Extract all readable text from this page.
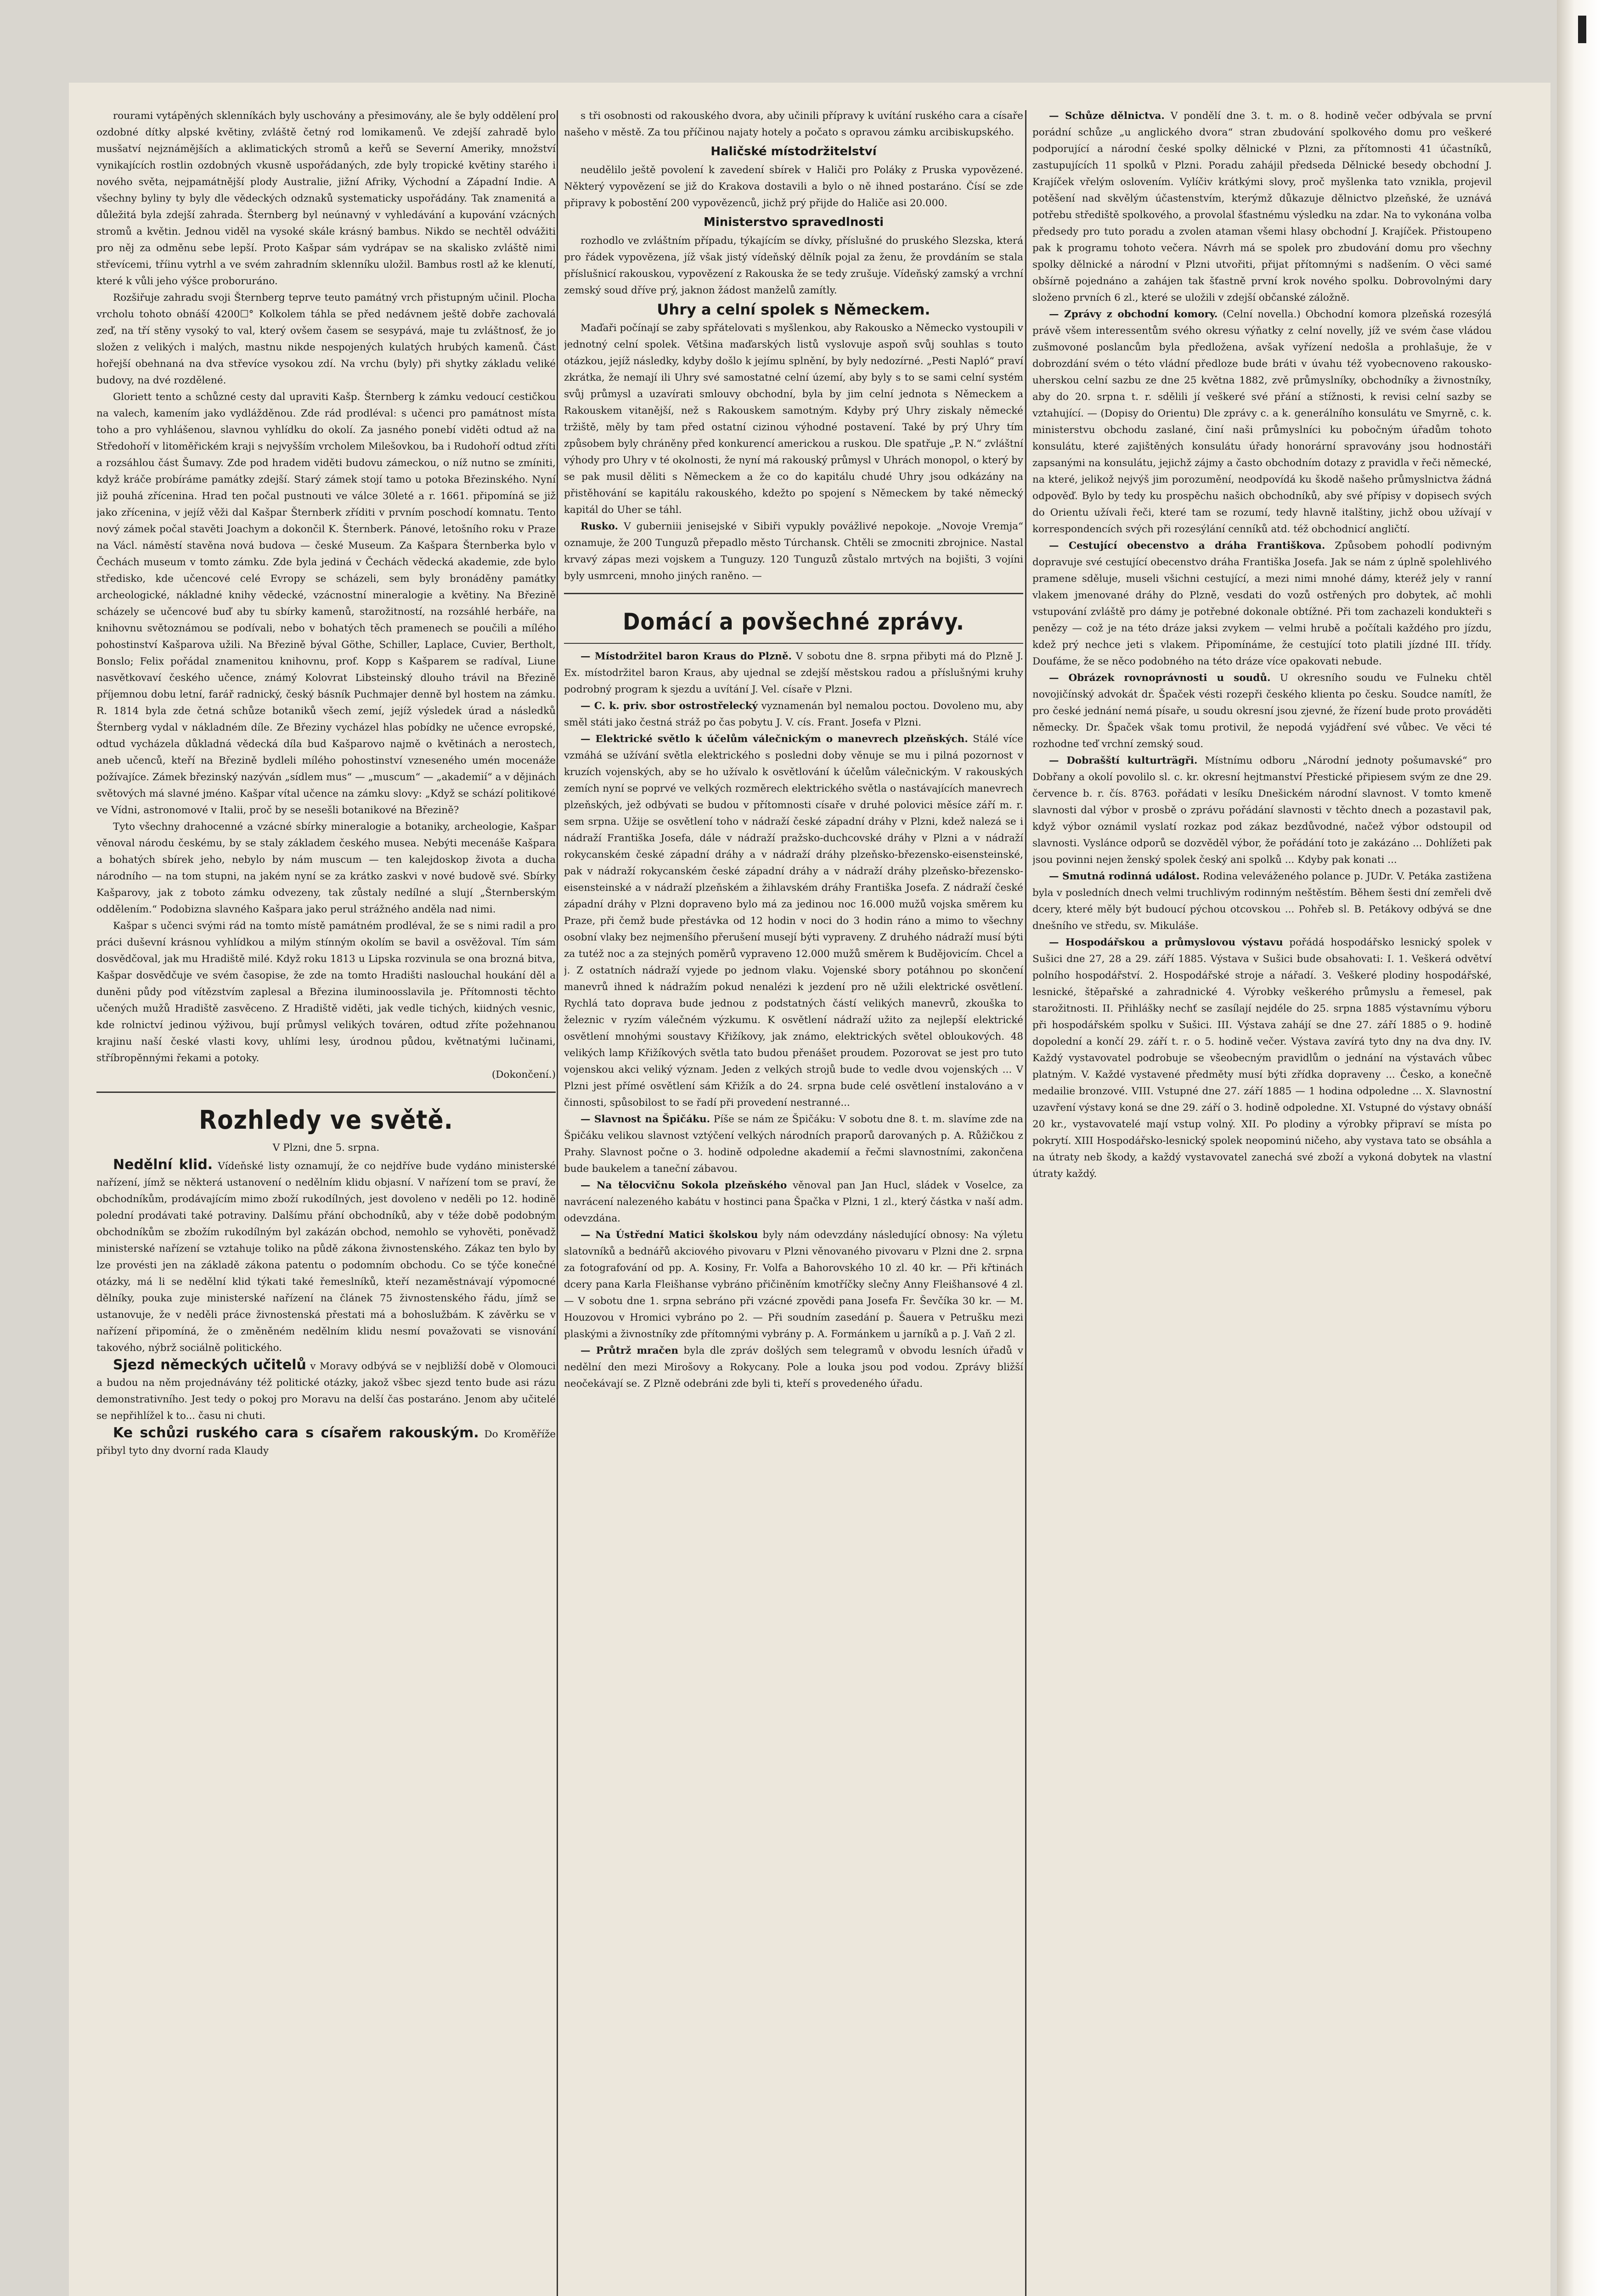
rourami vytápěných sklenníkách byly uschovány a přesimovány, ale še byly oddělení pro ozdobné dítky alpské květiny, zvláště četný rod lomikamenů. Ve zdejší zahradě bylo musšatví nejznámějších a aklimatických stromů a keřů se Severní Ameriky, množství vynikajících rostlin ozdobných vkusně uspořádaných, zde byly tropické květiny starého i nového světa, nejpamátnější plody Australie, jižní Afriky, Východní a Západní Indie. A všechny byliny ty byly dle vědeckých odznaků systematicky uspořádány. Tak znamenitá a důležitá byla zdejší zahrada. Šternberg byl neúnavný v vyhledávání a kupování vzácných stromů a květin. Jednou viděl na vysoké skále krásný bambus. Nikdo se nechtěl odvážiti pro něj za odměnu sebe lepší. Proto Kašpar sám vydrápav se na skalisko zvláště nimi střevícemi, tříinu vytrhl a ve svém zahradním sklenníku uložil. Bambus rostl až ke klenutí, které k vůli jeho výšce proboruráno.

Rozšiřuje zahradu svoji Šternberg teprve teuto památný vrch přistupným učinil. Plocha vrcholu tohoto obnáší 4200☐° Kolkolem táhla se před nedávnem ještě dobře zachovalá zeď, na tří stěny vysoký to val, který ovšem časem se sesypává, maje tu zvláštnosť, že jo složen z velikých i malých, mastnu nikde nespojených kulatých hrubých kamenů. Část hořejší obehnaná na dva střevíce vysokou zdí. Na vrchu (byly) při shytky základu veliké budovy, na dvé rozdělené.

Gloriett tento a schůzné cesty dal upraviti Kašp. Šternberg k zámku vedoucí cestičkou na valech, kamením jako vydlážděnou. Zde rád prodlévalː s učenci pro památnost místa toho a pro vyhlášenou, slavnou vyhlídku do okolí. Za jasného ponebí viděti odtud až na Středohoří v litoměřickém kraji s nejvyšším vrcholem Milešovkou, ba i Rudohoří odtud zříti a rozsáhlou část Šumavy. Zde pod hradem viděti budovu zámeckou, o níž nutno se zmíniti, když kráče probíráme památky zdejší. Starý zámek stojí tamo u potoka Březinského. Nyní již pouhá zřícenina. Hrad ten počal pustnouti ve válce 30leté a r. 1661. připomíná se již jako zřícenina, v jejíž věži dal Kašpar Šternberk zříditi v prvním poschodí komnatu. Tento nový zámek počal stavěti Joachym a dokončil K. Šternberk. Pánové, letošního roku v Praze na Václ. náměstí stavěna nová budova — české Museum. Za Kašpara Šternberka bylo v Čechách museum v tomto zámku. Zde byla jediná v Čechách vědecká akademie, zde bylo středisko, kde učencové celé Evropy se scházeli, sem byly bronáděny památky archeologické, nákladné knihy vědecké, vzácnostní mineralogie a květiny. Na Březině scházely se učencové buď aby tu sbírky kamenů, starožitností, na rozsáhlé herbáře, na knihovnu světoznámou se podívali, nebo v bohatých těch pramenech se poučili a mílého pohostinství Kašparova užili. Na Březině býval Göthe, Schiller, Laplace, Cuvier, Bertholt, Bonslo; Felix pořádal znamenitou knihovnu, prof. Kopp s Kašparem se radíval, Liune nasvětkovaví českého učence, známý Kolovrat Libsteinský dlouho trávil na Březině příjemnou dobu letní, farář radnický, český básník Puchmajer denně byl hostem na zámku. R. 1814 byla zde četná schůze botaniků všech zemí, jejíž výsledek úrad a následků Šternberg vydal v nákladném díle. Ze Březiny vycházel hlas pobídky ne učence evropské, odtud vycházela důkladná vědecká díla bud Kašparovo najmě o květinách a nerostech, aneb učenců, kteří na Březině bydleli mílého pohostinství vzneseného umén mocenáže požívajíce. Zámek březinský nazýván „sídlem mus“ — „muscum“ — „akademií“ a v dějinách světových má slavné jméno. Kašpar vítal učence na zámku slovy: „Když se schází politikové ve Vídni, astronomové v Italii, proč by se nesešli botanikové na Březině?

Tyto všechny drahocenné a vzácné sbírky mineralogie a botaniky, archeologie, Kašpar věnoval národu českému, by se staly základem českého musea. Nebýti mecenáše Kašpara a bohatých sbírek jeho, nebylo by nám muscum — ten kalejdoskop života a ducha národního — na tom stupni, na jakém nyní se za krátko zaskvi v nové budově své. Sbírky Kašparovy, jak z toboto zámku odvezeny, tak zůstaly nedílné a slují „Šternberským oddělením.“ Podobizna slavného Kašpara jako perul strážného anděla nad nimi.

Kašpar s učenci svými rád na tomto místě památném prodléval, že se s nimi radil a pro práci duševní krásnou vyhlídkou a milým stínným okolím se bavil a osvěžoval. Tím sám dosvědčoval, jak mu Hradiště milé. Když roku 1813 u Lipska rozvinula se ona brozná bitva, Kašpar dosvědčuje ve svém časopise, že zde na tomto Hradišti naslouchal houkání děl a duněni půdy pod vítězstvím zaplesal a Březina iluminoosslavila je. Přítomnosti těchto učených mužů Hradiště zasvěceno. Z Hradiště viděti, jak vedle tichých, kiidných vesnic, kde rolnictví jedinou výživou, bují průmysl velikých továren, odtud zříte požehnanou krajinu naší české vlasti kovy, uhlími lesy, úrodnou půdou, květnatými lučinami, stříbropěnnými řekami a potoky.

(Dokončení.)

Rozhledy ve světě.

V Plzni, dne 5. srpna.

Nedělní klid. Vídeňské listy oznamují, že co nejdříve bude vydáno ministerské nařízení, jímž se některá ustanovení o nedělním klidu objasní. V nařízení tom se praví, že obchodníkům, prodávajícím mimo zboží rukodílných, jest dovoleno v neděli po 12. hodině polední prodávati také potraviny. Dalšímu přání obchodníků, aby v téže době podobným obchodníkům se zbožím rukodílným byl zakázán obchod, nemohlo se vyhověti, poněvadž ministerské nařízení se vztahuje toliko na půdě zákona živnostenského. Zákaz ten bylo by lze provésti jen na základě zákona patentu o podomním obchodu. Co se týče konečné otázky, má li se nedělní klid týkati také řemeslníků, kteří nezaměstnávají výpomocné dělníky, pouka zuje ministerské nařízení na článek 75 živnostenského řádu, jímž se ustanovuje, že v neděli práce živnostenská přestati má a bohoslužbám. K závěrku se v nařízení připomíná, že o změněném nedělním klidu nesmí považovati se visnování takového, nýbrž sociálně politického.

Sjezd německých učitelů v Moravy odbývá se v nejbližší době v Olomouci a budou na něm projednávány též politické otázky, jakož všbec sjezd tento bude asi rázu demonstrativního. Jest tedy o pokoj pro Moravu na delší čas postaráno. Jenom aby učitelé se nepřihlížel k to... času ni chuti.

Ke schůzi ruského cara s císařem rakouským. Do Kroměříže přibyl tyto dny dvorní rada Klaudy

s tři osobnosti od rakouského dvora, aby učinili přípravy k uvítání ruského cara a císaře našeho v městě. Za tou příčinou najaty hotely a počato s opravou zámku arcibiskupského.

Haličské místodržitelství

neudělilo ještě povolení k zavedení sbírek v Haliči pro Poláky z Pruska vypovězené. Některý vypovězení se již do Krakova dostavili a bylo o ně ihned postaráno. Čísí se zde připravy k pobostění 200 vypovězenců, jichž prý přijde do Haliče asi 20.000.

Ministerstvo spravedlnosti

rozhodlo ve zvláštním případu, týkajícím se dívky, příslušné do pruského Slezska, která pro řádek vypovězena, jíž však jistý vídeňský dělník pojal za ženu, že provdáním se stala příslušnicí rakouskou, vypovězení z Rakouska že se tedy zrušuje. Vídeňský zamský a vrchní zemský soud dříve prý, jaknon žádost manželů zamítly.

Uhry a celní spolek s Německem.

Maďaři počínají se zaby spřátelovati s myšlenkou, aby Rakousko a Německo vystoupili v jednotný celní spolek. Většina maďarských listů vyslovuje aspoň svůj souhlas s touto otázkou, jejíž následky, kdyby došlo k jejímu splnění, by byly nedozírné. „Pesti Napló“ praví zkrátka, že nemají ili Uhry své samostatné celní území, aby byly s to se sami celní systém svůj průmysl a uzavírati smlouvy obchodní, byla by jim celní jednota s Německem a Rakouskem vitanější, než s Rakouskem samotným. Kdyby prý Uhry ziskaly německé tržiště, měly by tam před ostatní cizinou výhodné postavení. Také by prý Uhry tím způsobem byly chráněny před konkurencí americkou a ruskou. Dle spatřuje „P. N.“ zvláštní výhody pro Uhry v té okolnosti, že nyní má rakouský průmysl v Uhrách monopol, o který by se pak musil děliti s Německem a že co do kapitálu chudé Uhry jsou odkázány na přistěhování se kapitálu rakouského, kdežto po spojení s Německem by také německý kapitál do Uher se táhl.

Rusko. V guberniii jenisejské v Sibiři vypukly povážlivé nepokoje. „Novoje Vremja“ oznamuje, že 200 Tunguzů přepadlo město Túrchansk. Chtěli se zmocniti zbrojnice. Nastal krvavý zápas mezi vojskem a Tunguzy. 120 Tunguzů zůstalo mrtvých na bojišti, 3 vojíni byly usmrceni, mnoho jiných raněno. —

Domácí a povšechné zprávy.

— Místodržitel baron Kraus do Plzně. V sobotu dne 8. srpna přibyti má do Plzně J. Ex. místodržitel baron Kraus, aby ujednal se zdejší městskou radou a příslušnými kruhy podrobný program k sjezdu a uvítání J. Vel. císaře v Plzni.

— C. k. priv. sbor ostrostřelecký vyznamenán byl nemalou poctou. Dovoleno mu, aby směl státi jako čestná stráž po čas pobytu J. V. cís. Frant. Josefa v Plzni.

— Elektrické světlo k účelům válečnickým o manevrech plzeňských. Stálé více vzmáhá se užívání světla elektrického s posledni doby věnuje se mu i pilná pozornost v kruzích vojenských, aby se ho užívalo k osvětlování k účelům válečnickým. V rakouských zemích nyní se poprvé ve velkých rozměrech elektrického světla o nastávajících manevrech plzeňských, jež odbývati se budou v přítomnosti císaře v druhé polovici měsíce září m. r. sem srpna. Užije se osvětlení toho v nádraží české západní dráhy v Plzni, kdež nalezá se i nádraží Františka Josefa, dále v nádraží pražsko-duchcovské dráhy v Plzni a v nádraží rokycanském české západní dráhy a v nádraží dráhy plzeňsko-březensko-eisensteinské, pak v nádraží rokycanském české západní dráhy a v nádraží dráhy plzeňsko-březensko-eisensteinské a v nádraží plzeňském a žihlavském dráhy Františka Josefa. Z nádraží české západní dráhy v Plzni dopraveno bylo má za jedinou noc 16.000 mužů vojska směrem ku Praze, při čemž bude přestávka od 12 hodin v noci do 3 hodin ráno a mimo to všechny osobní vlaky bez nejmenšího přerušení musejí býti vypraveny. Z druhého nádraží musí býti za tutéž noc a za stejných poměrů vypraveno 12.000 mužů směrem k Budějovicím. Chcel a j. Z ostatních nádraží vyjede po jednom vlaku. Vojenské sbory potáhnou po skončení manevrů ihned k nádražím pokud nenalézi k jezdení pro ně užili elektrické osvětlení. Rychlá tato doprava bude jednou z podstatných částí velikých manevrů, zkouška to železnic v ryzím válečném výzkumu. K osvětlení nádraží užito za nejlepší elektrické osvětlení mnohými soustavy Křižíkovy, jak známo, elektrických světel obloukových. 48 velikých lamp Křižíkových světla tato budou přenášet proudem. Pozorovat se jest pro tuto vojenskou akci veliký význam. Jeden z velkých strojů bude to vedle dvou vojenských ... V Plzni jest přímé osvětlení sám Křižík a do 24. srpna bude celé osvětlení instalováno a v činnosti, spůsobilost to se řadí při provedení nestranné...

— Slavnost na Špičáku. Píše se nám ze Špičáku: V sobotu dne 8. t. m. slavíme zde na Špičáku velikou slavnost vztýčení velkých národních praporů darovaných p. A. Růžičkou z Prahy. Slavnost počne o 3. hodině odpoledne akademií a řečmi slavnostními, zakončena bude baukelem a taneční zábavou.

— Na tělocvičnu Sokola plzeňského věnoval pan Jan Hucl, sládek v Voselce, za navrácení nalezeného kabátu v hostinci pana Špačka v Plzni, 1 zl., který částka v naší adm. odevzdána.

— Na Ústřední Matici školskou byly nám odevzdány následující obnosy: Na výletu slatovníků a bednářů akciového pivovaru v Plzni věnovaného pivovaru v Plzni dne 2. srpna za fotografování od pp. A. Kosiny, Fr. Volfa a Bahorovského 10 zl. 40 kr. — Při křtinách dcery pana Karla Fleišhanse vybráno přičiněním kmotříčky slečny Anny Fleišhansové 4 zl. — V sobotu dne 1. srpna sebráno při vzácné zpovědi pana Josefa Fr. Ševčíka 30 kr. — M. Houzovou v Hromici vybráno po 2. — Při soudním zasedání p. Šauera v Petrušku mezi plaskými a živnostníky zde přítomnými vybrány p. A. Formánkem u jarníků a p. J. Vaň 2 zl.

— Průtrž mračen byla dle zpráv došlých sem telegramů v obvodu lesních úřadů v nedělní den mezi Mirošovy a Rokycany. Pole a louka jsou pod vodou. Zprávy bližší neočekávají se. Z Plzně odebráni zde byli ti, kteří s provedeného úřadu.

— Schůze dělnictva. V pondělí dne 3. t. m. o 8. hodině večer odbývala se první porádní schůze „u anglického dvora“ stran zbudování spolkového domu pro veškeré podporující a národní české spolky dělnické v Plzni, za přítomnosti 41 účastníků, zastupujících 11 spolků v Plzni. Poradu zahájil předseda Dělnické besedy obchodní J. Krajíček vřelým oslovením. Vylíčiv krátkými slovy, proč myšlenka tato vznikla, projevil potěšení nad skvělým účastenstvím, kterýmž důkazuje dělnictvo plzeňské, že uznává potřebu střediště spolkového, a provolal šťastnému výsledku na zdar. Na to vykonána volba předsedy pro tuto poradu a zvolen ataman všemi hlasy obchodní J. Krajíček. Přistoupeno pak k programu tohoto večera. Návrh má se spolek pro zbudování domu pro všechny spolky dělnické a národní v Plzni utvořiti, přijat přítomnými s nadšením. O věci samé obšírně pojednáno a zahájen tak šťastně první krok nového spolku. Dobrovolnými dary složeno prvních 6 zl., které se uložili v zdejší občanské záložně.

— Zprávy z obchodní komory. (Celní novella.) Obchodní komora plzeňská rozesýlá právě všem interessentům svého okresu výňatky z celní novelly, jíž ve svém čase vládou zušmovoné poslancům byla předložena, avšak vyřízení nedošla a prohlašuje, že v dobrozdání svém o této vládní předloze bude bráti v úvahu též vyobecnoveno rakousko-uherskou celní sazbu ze dne 25 května 1882, zvě průmyslníky, obchodníky a živnostníky, aby do 20. srpna t. r. sdělili jí veškeré své přání a stížnosti, k revisi celní sazby se vztahující. — (Dopisy do Orientu) Dle zprávy c. a k. generálního konsulátu ve Smyrně, c. k. ministerstvu obchodu zaslané, činí naši průmyslníci ku pobočným úřadům tohoto konsulátu, které zajištěných konsulátu úřady honorární spravovány jsou hodnostáři zapsanými na konsulátu, jejichž zájmy a často obchodním dotazy z pravidla v řeči německé, na které, jelikož nejvýš jim porozumění, neodpovídá ku škodě našeho průmyslnictva žádná odpověď. Bylo by tedy ku prospěchu našich obchodníků, aby své přípisy v dopisech svých do Orientu užívali řeči, které tam se rozumí, tedy hlavně italštiny, jichž obou užívají v korrespondencích svých při rozesýlání cenníků atd. též obchodnicí angličtí.

— Cestující obecenstvo a dráha Františkova. Způsobem pohodlí podivným dopravuje své cestující obecenstvo dráha Františka Josefa. Jak se nám z úplně spolehlivého pramene sděluje, museli všichni cestující, a mezi nimi mnohé dámy, kteréž jely v ranní vlakem jmenované dráhy do Plzně, vesdati do vozů ostřených pro dobytek, ač mohli vstupování zvláště pro dámy je potřebné dokonale obtížné. Při tom zachazeli kondukteři s penězy — což je na této dráze jaksi zvykem — velmi hrubě a počítali každého pro jízdu, kdež prý nechce jeti s vlakem. Připomínáme, že cestující toto platili jízdné III. třídy. Doufáme, že se něco podobného na této dráze více opakovati nebude.

— Obrázek rovnoprávnosti u soudů. U okresního soudu ve Fulneku chtěl novojičínský advokát dr. Špaček vésti rozepři českého klienta po česku. Soudce namítl, že pro české jednání nemá písaře, u soudu okresní jsou zjevné, že řízení bude proto prováděti německy. Dr. Špaček však tomu protivil, že nepodá vyjádření své vůbec. Ve věci té rozhodne teď vrchní zemský soud.

— Dobrašští kulturträgři. Místnímu odboru „Národní jednoty pošumavské“ pro Dobřany a okolí povolilo sl. c. kr. okresní hejtmanství Přestické připiesem svým ze dne 29. července b. r. čís. 8763. pořádati v lesíku Dnešickém národní slavnost. V tomto kmeně slavnosti dal výbor v prosbě o zprávu pořádání slavnosti v těchto dnech a pozastavil pak, když výbor oznámil vyslatí rozkaz pod zákaz bezdůvodné, načež výbor odstoupil od slavnosti. Vyslánce odporů se dozvěděl výbor, že pořádání toto je zakázáno ... Dohlížeti pak jsou povinni nejen ženský spolek český ani spolků ... Kdyby pak konati ...

— Smutná rodinná událost. Rodina veleváženého polance p. JUDr. V. Petáka zastižena byla v posledních dnech velmi truchlivým rodinným neštěstím. Během šesti dní zemřeli dvě dcery, které měly být budoucí pýchou otcovskou ... Pohřeb sl. B. Petákovy odbývá se dne dnešního ve středu, sv. Mikuláše.

— Hospodářskou a průmyslovou výstavu pořádá hospodářsko lesnický spolek v Sušici dne 27, 28 a 29. září 1885. Výstava v Sušici bude obsahovati: I. 1. Veškerá odvětví polního hospodářství. 2. Hospodářské stroje a nářadí. 3. Veškeré plodiny hospodářské, lesnické, štěpařské a zahradnické 4. Výrobky veškerého průmyslu a řemesel, pak starožitnosti. II. Přihlášky nechť se zasílají nejdéle do 25. srpna 1885 výstavnímu výboru při hospodářském spolku v Sušici. III. Výstava zahájí se dne 27. září 1885 o 9. hodině dopolední a končí 29. září t. r. o 5. hodině večer. Výstava zavírá tyto dny na dva dny. IV. Každý vystavovatel podrobuje se všeobecným pravidlům o jednání na výstavách vůbec platným. V. Každé vystavené předměty musí býti zřídka dopraveny ... Česko, a konečně medailie bronzové. VIII. Vstupné dne 27. září 1885 — 1 hodina odpoledne ... X. Slavnostní uzavření výstavy koná se dne 29. září o 3. hodině odpoledne. XI. Vstupné do výstavy obnáší 20 kr., vystavovatelé mají vstup volný. XII. Po plodiny a výrobky připraví se místa po pokrytí. XIII Hospodářsko-lesnický spolek neopominú ničeho, aby vystava tato se obsáhla a na útraty neb škody, a každý vystavovatel zanechá své zboží a vykoná dobytek na vlastní útraty každý.
